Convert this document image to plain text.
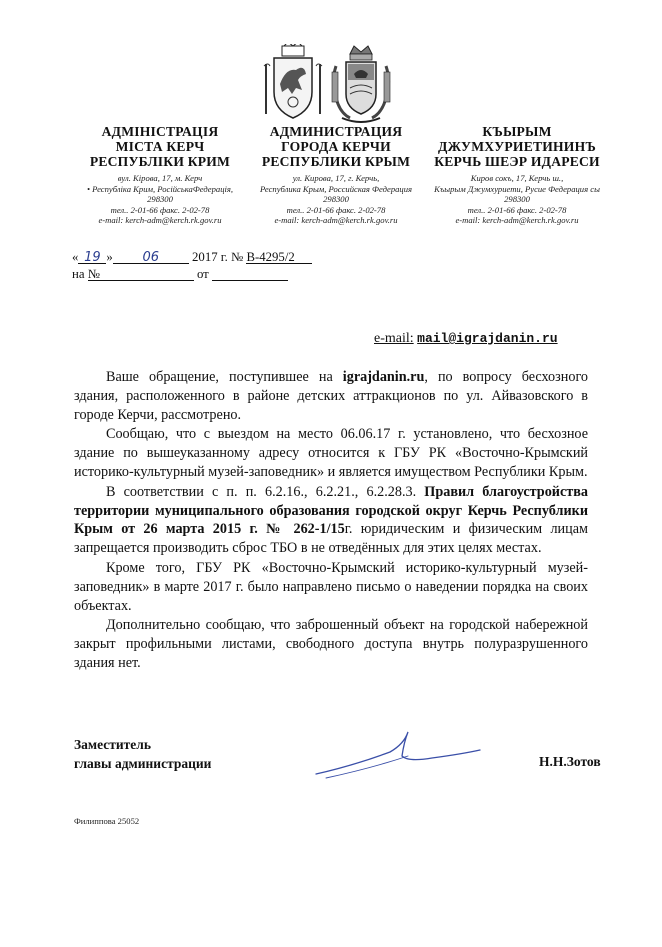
АДМІНІСТРАЦІЯ
МІСТА КЕРЧ
РЕСПУБЛІКИ КРИМ
вул. Кірова, 17, м. Керч
• Республіка Крим, РосійськаФедерація,
298300
тел.. 2-01-66 факс. 2-02-78
e-mail: kerch-adm@kerch.rk.gov.ru
АДМИНИСТРАЦИЯ
ГОРОДА КЕРЧИ
РЕСПУБЛИКИ КРЫМ
ул. Кирова, 17, г. Керчь,
Республика Крым, Российская Федерация
298300
тел.. 2-01-66 факс. 2-02-78
e-mail: kerch-adm@kerch.rk.gov.ru
КЪЫРЫМ
ДЖУМХУРИЕТИНИНЪ
КЕРЧЬ ШЕЭР ИДАРЕСИ
Киров сокъ, 17, Керчь ш.,
Къырым Джумхуриети, Русие Федерация сы
298300
тел.. 2-01-66 факс. 2-02-78
e-mail: kerch-adm@kerch.rk.gov.ru
« 19 » 06	2017 г. № В-4295/2
на №	от
e-mail: mail@igrajdanin.ru

Ваше обращение, поступившее на igrajdanin.ru, по вопросу бесхозного здания, расположенного в районе детских аттракционов по ул. Айвазовского в городе Керчи, рассмотрено.

Сообщаю, что с выездом на место 06.06.17 г. установлено, что бесхозное здание по вышеуказанному адресу относится к ГБУ РК «Восточно-Крымский историко-культурный музей-заповедник» и является имуществом Республики Крым.

В соответствии с п. п. 6.2.16., 6.2.21., 6.2.28.3. Правил благоустройства территории муниципального образования городской округ Керчь Республики Крым от 26 марта 2015 г. № 262-1/15г. юридическим и физическим лицам запрещается производить сброс ТБО в не отведённых для этих целях местах.

Кроме того, ГБУ РК «Восточно-Крымский историко-культурный музей-заповедник» в марте 2017 г. было направлено письмо о наведении порядка на своих объектах.

Дополнительно сообщаю, что заброшенный объект на городской набережной закрыт профильными листами, свободного доступа внутрь полуразрушенного здания нет.

Заместитель
главы администрации	Н.Н.Зотов
Филиппова 25052
